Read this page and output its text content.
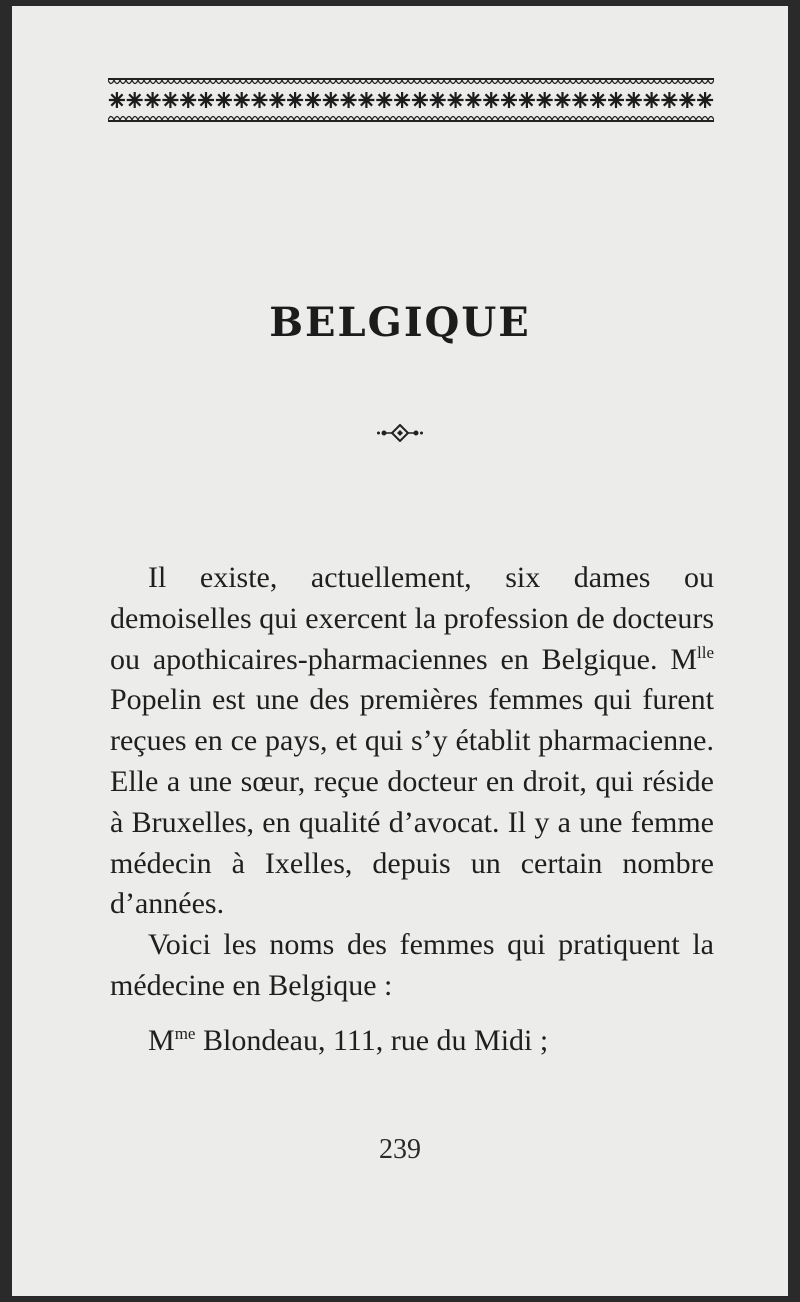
BELGIQUE

Il existe, actuellement, six dames ou demoiselles qui exercent la profession de docteurs ou apothicaires-pharmaciennes en Belgique. $M^{lle}$ Popelin est une des premières femmes qui furent reçues en ce pays, et qui s’y établit pharmacienne. Elle a une sœur, reçue docteur en droit, qui réside à Bruxelles, en qualité d’avocat. Il y a une femme médecin à Ixelles, depuis un certain nombre d’années.

Voici les noms des femmes qui pratiquent la médecine en Belgique :

$M^{me}$ Blondeau, 111, rue du Midi ;

239
